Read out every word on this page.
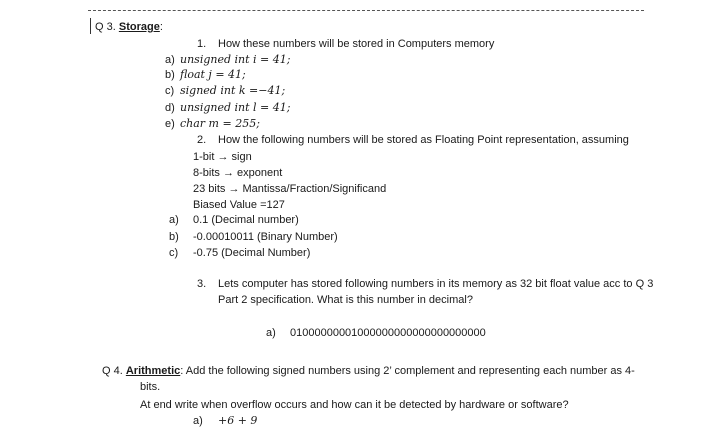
Q 3. Storage:
1. How these numbers will be stored in Computers memory
a) unsigned int i = 41;
b) float j = 41;
c) signed int k =−41;
d) unsigned int l = 41;
e) char m = 255;
2. How the following numbers will be stored as Floating Point representation, assuming
1-bit → sign
8-bits → exponent
23 bits → Mantissa/Fraction/Significand
Biased Value =127
a) 0.1 (Decimal number)
b) -0.00010011 (Binary Number)
c) -0.75 (Decimal Number)
3. Lets computer has stored following numbers in its memory as 32 bit float value acc to Q 3
Part 2 specification. What is this number in decimal?
a) 01000000001000000000000000000000
Q 4. Arithmetic: Add the following signed numbers using 2’ complement and representing each number as 4-
bits.
At end write when overflow occurs and how can it be detected by hardware or software?
a) +6 + 9
